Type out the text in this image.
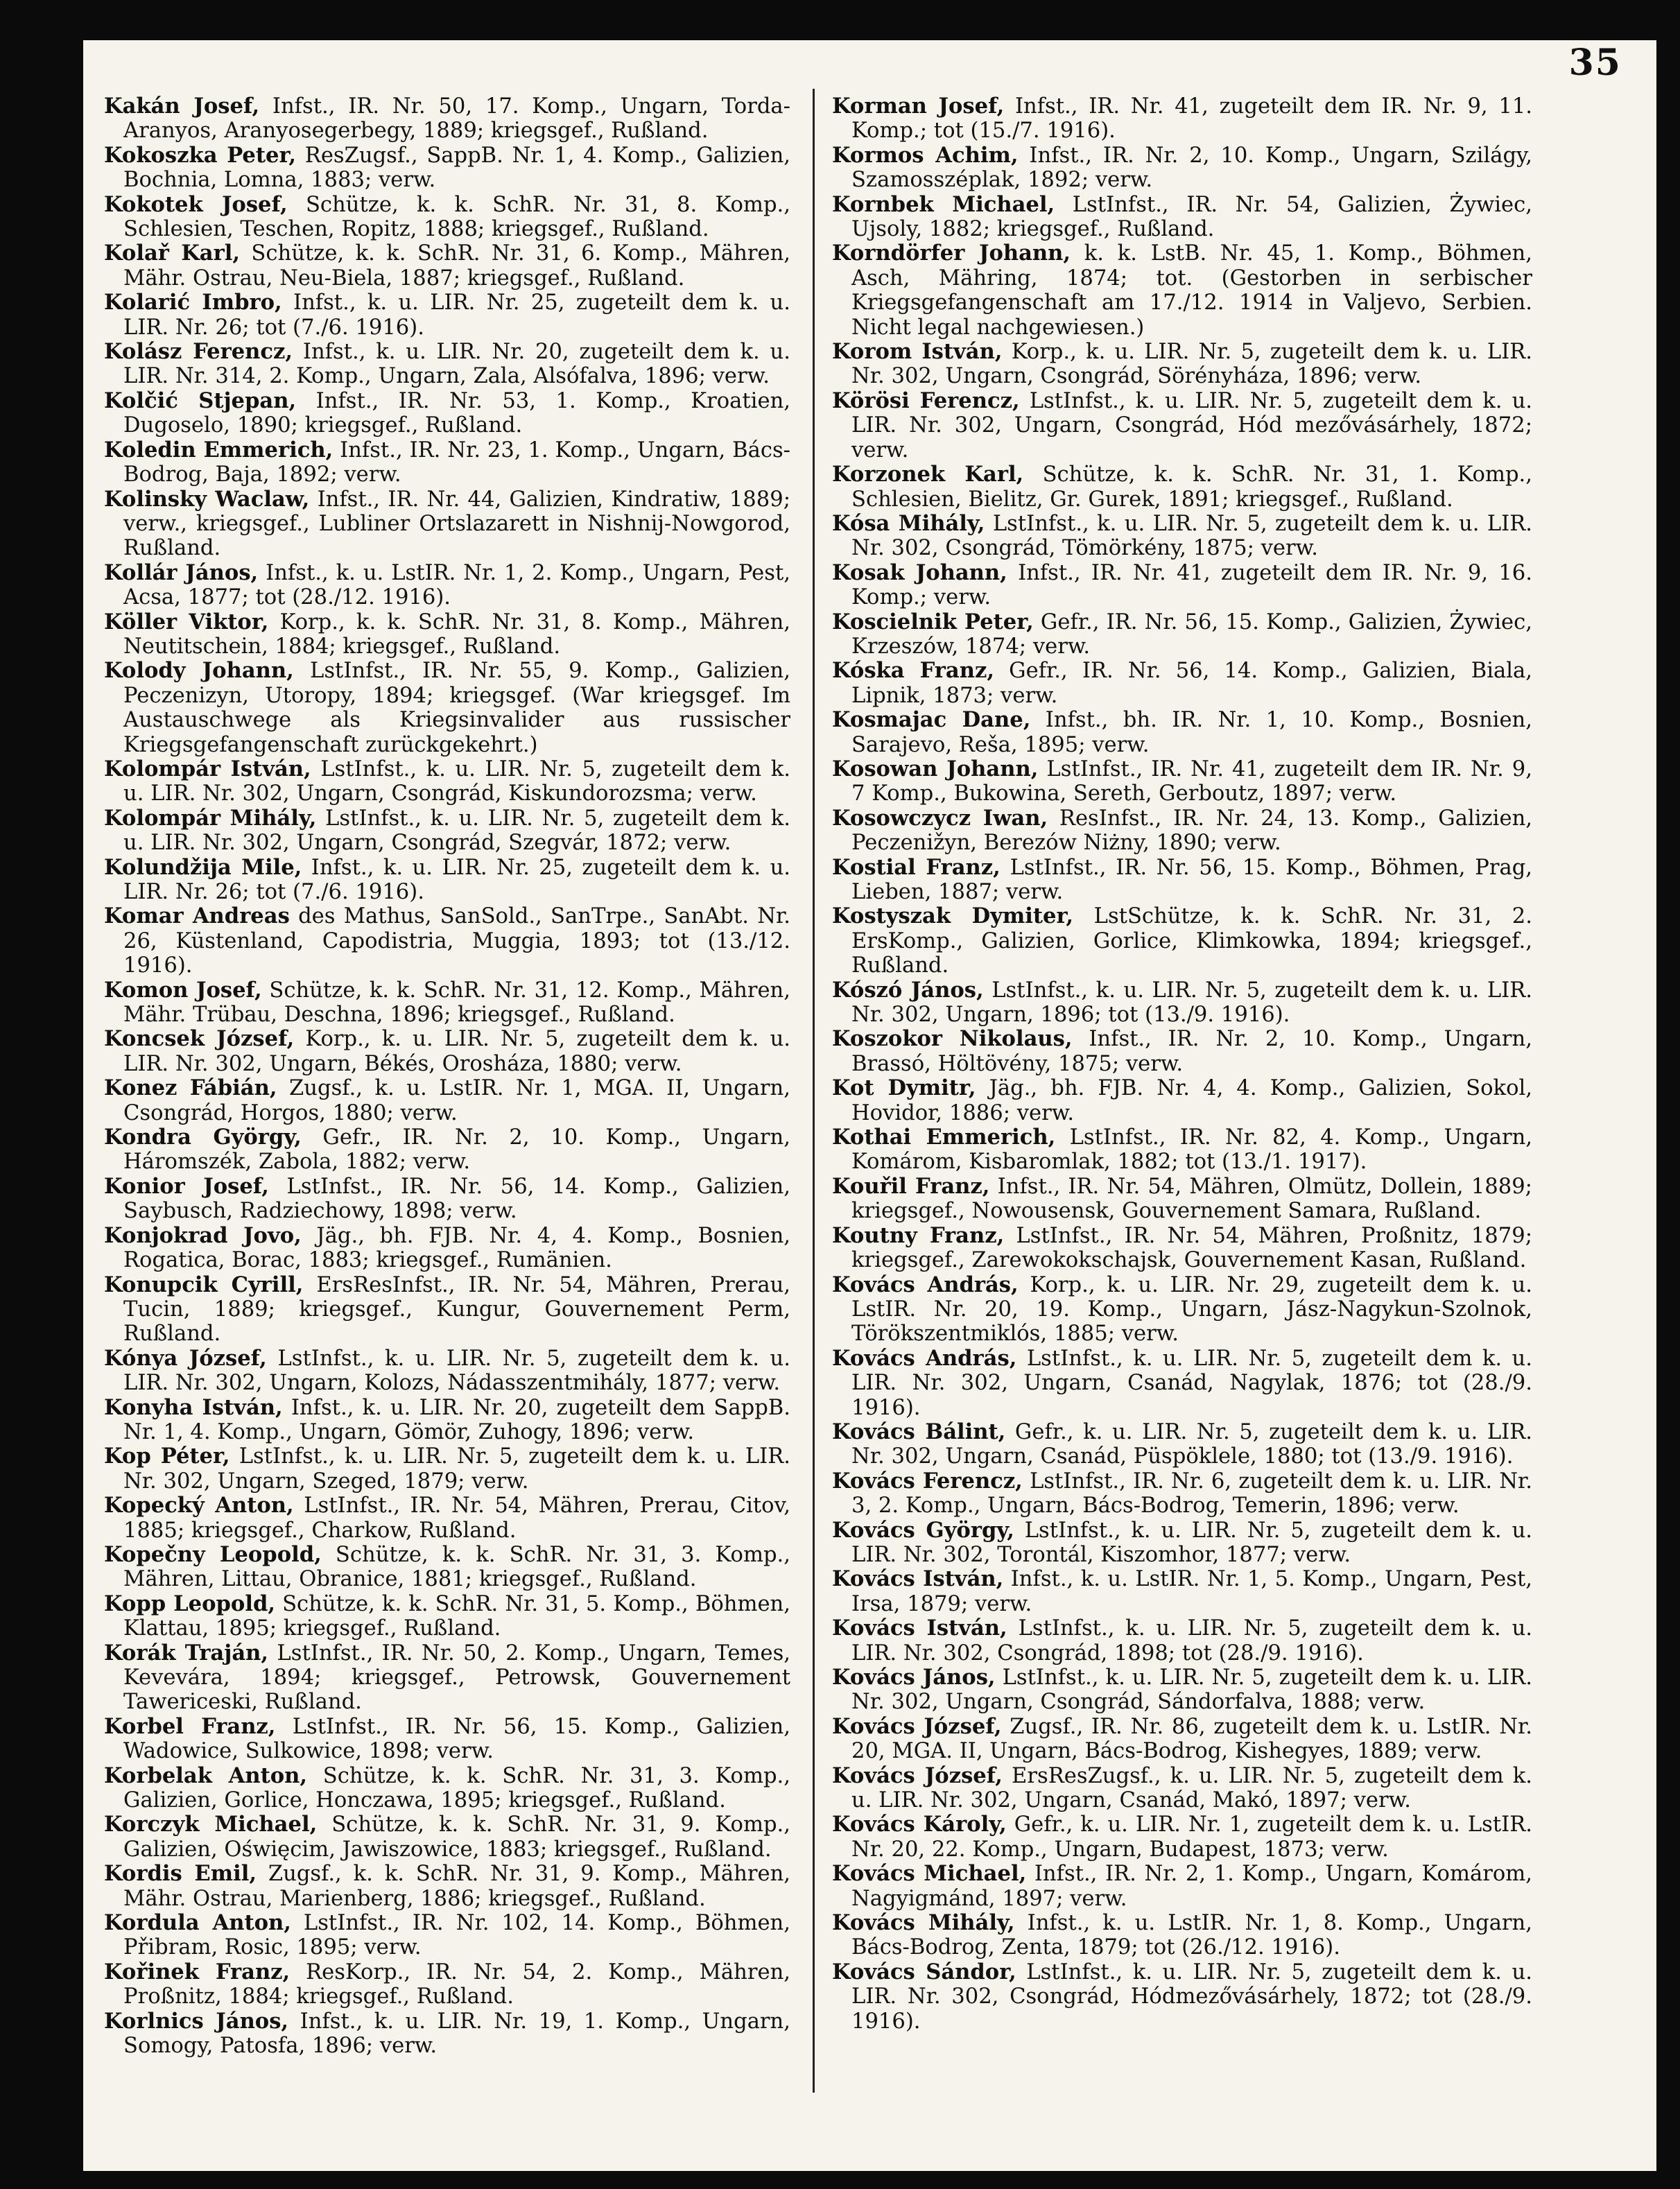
35

Kakán Josef, Infst., IR. Nr. 50, 17. Komp., Ungarn, Torda-Aranyos, Aranyosegerbegy, 1889; kriegsgef., Rußland.

Kokoszka Peter, ResZugsf., SappB. Nr. 1, 4. Komp., Galizien, Bochnia, Lomna, 1883; verw.

Kokotek Josef, Schütze, k. k. SchR. Nr. 31, 8. Komp., Schlesien, Teschen, Ropitz, 1888; kriegsgef., Rußland.

Kolař Karl, Schütze, k. k. SchR. Nr. 31, 6. Komp., Mähren, Mähr. Ostrau, Neu-Biela, 1887; kriegsgef., Rußland.

Kolarić Imbro, Infst., k. u. LIR. Nr. 25, zugeteilt dem k. u. LIR. Nr. 26; tot (7./6. 1916).

Kolász Ferencz, Infst., k. u. LIR. Nr. 20, zugeteilt dem k. u. LIR. Nr. 314, 2. Komp., Ungarn, Zala, Alsófalva, 1896; verw.

Kolčić Stjepan, Infst., IR. Nr. 53, 1. Komp., Kroatien, Dugoselo, 1890; kriegsgef., Rußland.

Koledin Emmerich, Infst., IR. Nr. 23, 1. Komp., Ungarn, Bács-Bodrog, Baja, 1892; verw.

Kolinsky Waclaw, Infst., IR. Nr. 44, Galizien, Kindratiw, 1889; verw., kriegsgef., Lubliner Ortslazarett in Nishnij-Nowgorod, Rußland.

Kollár János, Infst., k. u. LstIR. Nr. 1, 2. Komp., Ungarn, Pest, Acsa, 1877; tot (28./12. 1916).

Köller Viktor, Korp., k. k. SchR. Nr. 31, 8. Komp., Mähren, Neutitschein, 1884; kriegsgef., Rußland.

Kolody Johann, LstInfst., IR. Nr. 55, 9. Komp., Galizien, Peczenizyn, Utoropy, 1894; kriegsgef. (War kriegsgef. Im Austauschwege als Kriegsinvalider aus russischer Kriegsgefangenschaft zurückgekehrt.)

Kolompár István, LstInfst., k. u. LIR. Nr. 5, zugeteilt dem k. u. LIR. Nr. 302, Ungarn, Csongrád, Kiskundorozsma; verw.

Kolompár Mihály, LstInfst., k. u. LIR. Nr. 5, zugeteilt dem k. u. LIR. Nr. 302, Ungarn, Csongrád, Szegvár, 1872; verw.

Kolundžija Mile, Infst., k. u. LIR. Nr. 25, zugeteilt dem k. u. LIR. Nr. 26; tot (7./6. 1916).

Komar Andreas des Mathus, SanSold., SanTrpe., SanAbt. Nr. 26, Küstenland, Capodistria, Muggia, 1893; tot (13./12. 1916).

Komon Josef, Schütze, k. k. SchR. Nr. 31, 12. Komp., Mähren, Mähr. Trübau, Deschna, 1896; kriegsgef., Rußland.

Koncsek József, Korp., k. u. LIR. Nr. 5, zugeteilt dem k. u. LIR. Nr. 302, Ungarn, Békés, Orosháza, 1880; verw.

Konez Fábián, Zugsf., k. u. LstIR. Nr. 1, MGA. II, Ungarn, Csongrád, Horgos, 1880; verw.

Kondra György, Gefr., IR. Nr. 2, 10. Komp., Ungarn, Háromszék, Zabola, 1882; verw.

Konior Josef, LstInfst., IR. Nr. 56, 14. Komp., Galizien, Saybusch, Radziechowy, 1898; verw.

Konjokrad Jovo, Jäg., bh. FJB. Nr. 4, 4. Komp., Bosnien, Rogatica, Borac, 1883; kriegsgef., Rumänien.

Konupcik Cyrill, ErsResInfst., IR. Nr. 54, Mähren, Prerau, Tucin, 1889; kriegsgef., Kungur, Gouvernement Perm, Rußland.

Kónya József, LstInfst., k. u. LIR. Nr. 5, zugeteilt dem k. u. LIR. Nr. 302, Ungarn, Kolozs, Nádasszentmihály, 1877; verw.

Konyha István, Infst., k. u. LIR. Nr. 20, zugeteilt dem SappB. Nr. 1, 4. Komp., Ungarn, Gömör, Zuhogy, 1896; verw.

Kop Péter, LstInfst., k. u. LIR. Nr. 5, zugeteilt dem k. u. LIR. Nr. 302, Ungarn, Szeged, 1879; verw.

Kopecký Anton, LstInfst., IR. Nr. 54, Mähren, Prerau, Citov, 1885; kriegsgef., Charkow, Rußland.

Kopečny Leopold, Schütze, k. k. SchR. Nr. 31, 3. Komp., Mähren, Littau, Obranice, 1881; kriegsgef., Rußland.

Kopp Leopold, Schütze, k. k. SchR. Nr. 31, 5. Komp., Böhmen, Klattau, 1895; kriegsgef., Rußland.

Korák Traján, LstInfst., IR. Nr. 50, 2. Komp., Ungarn, Temes, Kevevára, 1894; kriegsgef., Petrowsk, Gouvernement Tawericeski, Rußland.

Korbel Franz, LstInfst., IR. Nr. 56, 15. Komp., Galizien, Wadowice, Sulkowice, 1898; verw.

Korbelak Anton, Schütze, k. k. SchR. Nr. 31, 3. Komp., Galizien, Gorlice, Honczawa, 1895; kriegsgef., Rußland.

Korczyk Michael, Schütze, k. k. SchR. Nr. 31, 9. Komp., Galizien, Oświęcim, Jawiszowice, 1883; kriegsgef., Rußland.

Kordis Emil, Zugsf., k. k. SchR. Nr. 31, 9. Komp., Mähren, Mähr. Ostrau, Marienberg, 1886; kriegsgef., Rußland.

Kordula Anton, LstInfst., IR. Nr. 102, 14. Komp., Böhmen, Přibram, Rosic, 1895; verw.

Kořinek Franz, ResKorp., IR. Nr. 54, 2. Komp., Mähren, Proßnitz, 1884; kriegsgef., Rußland.

Korlnics János, Infst., k. u. LIR. Nr. 19, 1. Komp., Ungarn, Somogy, Patosfa, 1896; verw.

Korman Josef, Infst., IR. Nr. 41, zugeteilt dem IR. Nr. 9, 11. Komp.; tot (15./7. 1916).

Kormos Achim, Infst., IR. Nr. 2, 10. Komp., Ungarn, Szilágy, Szamosszéplak, 1892; verw.

Kornbek Michael, LstInfst., IR. Nr. 54, Galizien, Żywiec, Ujsoly, 1882; kriegsgef., Rußland.

Korndörfer Johann, k. k. LstB. Nr. 45, 1. Komp., Böhmen, Asch, Mähring, 1874; tot. (Gestorben in serbischer Kriegsgefangenschaft am 17./12. 1914 in Valjevo, Serbien. Nicht legal nachgewiesen.)

Korom István, Korp., k. u. LIR. Nr. 5, zugeteilt dem k. u. LIR. Nr. 302, Ungarn, Csongrád, Sörényháza, 1896; verw.

Körösi Ferencz, LstInfst., k. u. LIR. Nr. 5, zugeteilt dem k. u. LIR. Nr. 302, Ungarn, Csongrád, Hód mezővásárhely, 1872; verw.

Korzonek Karl, Schütze, k. k. SchR. Nr. 31, 1. Komp., Schlesien, Bielitz, Gr. Gurek, 1891; kriegsgef., Rußland.

Kósa Mihály, LstInfst., k. u. LIR. Nr. 5, zugeteilt dem k. u. LIR. Nr. 302, Csongrád, Tömörkény, 1875; verw.

Kosak Johann, Infst., IR. Nr. 41, zugeteilt dem IR. Nr. 9, 16. Komp.; verw.

Koscielnik Peter, Gefr., IR. Nr. 56, 15. Komp., Galizien, Żywiec, Krzeszów, 1874; verw.

Kóska Franz, Gefr., IR. Nr. 56, 14. Komp., Galizien, Biala, Lipnik, 1873; verw.

Kosmajac Dane, Infst., bh. IR. Nr. 1, 10. Komp., Bosnien, Sarajevo, Reša, 1895; verw.

Kosowan Johann, LstInfst., IR. Nr. 41, zugeteilt dem IR. Nr. 9, 7 Komp., Bukowina, Sereth, Gerboutz, 1897; verw.

Kosowczycz Iwan, ResInfst., IR. Nr. 24, 13. Komp., Galizien, Peczenižyn, Berezów Niżny, 1890; verw.

Kostial Franz, LstInfst., IR. Nr. 56, 15. Komp., Böhmen, Prag, Lieben, 1887; verw.

Kostyszak Dymiter, LstSchütze, k. k. SchR. Nr. 31, 2. ErsKomp., Galizien, Gorlice, Klimkowka, 1894; kriegsgef., Rußland.

Kószó János, LstInfst., k. u. LIR. Nr. 5, zugeteilt dem k. u. LIR. Nr. 302, Ungarn, 1896; tot (13./9. 1916).

Koszokor Nikolaus, Infst., IR. Nr. 2, 10. Komp., Ungarn, Brassó, Höltövény, 1875; verw.

Kot Dymitr, Jäg., bh. FJB. Nr. 4, 4. Komp., Galizien, Sokol, Hovidor, 1886; verw.

Kothai Emmerich, LstInfst., IR. Nr. 82, 4. Komp., Ungarn, Komárom, Kisbaromlak, 1882; tot (13./1. 1917).

Kouřil Franz, Infst., IR. Nr. 54, Mähren, Olmütz, Dollein, 1889; kriegsgef., Nowousensk, Gouvernement Samara, Rußland.

Koutny Franz, LstInfst., IR. Nr. 54, Mähren, Proßnitz, 1879; kriegsgef., Zarewokokschajsk, Gouvernement Kasan, Rußland.

Kovács András, Korp., k. u. LIR. Nr. 29, zugeteilt dem k. u. LstIR. Nr. 20, 19. Komp., Ungarn, Jász-Nagykun-Szolnok, Törökszentmiklós, 1885; verw.

Kovács András, LstInfst., k. u. LIR. Nr. 5, zugeteilt dem k. u. LIR. Nr. 302, Ungarn, Csanád, Nagylak, 1876; tot (28./9. 1916).

Kovács Bálint, Gefr., k. u. LIR. Nr. 5, zugeteilt dem k. u. LIR. Nr. 302, Ungarn, Csanád, Püspöklele, 1880; tot (13./9. 1916).

Kovács Ferencz, LstInfst., IR. Nr. 6, zugeteilt dem k. u. LIR. Nr. 3, 2. Komp., Ungarn, Bács-Bodrog, Temerin, 1896; verw.

Kovács György, LstInfst., k. u. LIR. Nr. 5, zugeteilt dem k. u. LIR. Nr. 302, Torontál, Kiszomhor, 1877; verw.

Kovács István, Infst., k. u. LstIR. Nr. 1, 5. Komp., Ungarn, Pest, Irsa, 1879; verw.

Kovács István, LstInfst., k. u. LIR. Nr. 5, zugeteilt dem k. u. LIR. Nr. 302, Csongrád, 1898; tot (28./9. 1916).

Kovács János, LstInfst., k. u. LIR. Nr. 5, zugeteilt dem k. u. LIR. Nr. 302, Ungarn, Csongrád, Sándorfalva, 1888; verw.

Kovács József, Zugsf., IR. Nr. 86, zugeteilt dem k. u. LstIR. Nr. 20, MGA. II, Ungarn, Bács-Bodrog, Kishegyes, 1889; verw.

Kovács József, ErsResZugsf., k. u. LIR. Nr. 5, zugeteilt dem k. u. LIR. Nr. 302, Ungarn, Csanád, Makó, 1897; verw.

Kovács Károly, Gefr., k. u. LIR. Nr. 1, zugeteilt dem k. u. LstIR. Nr. 20, 22. Komp., Ungarn, Budapest, 1873; verw.

Kovács Michael, Infst., IR. Nr. 2, 1. Komp., Ungarn, Komárom, Nagyigmánd, 1897; verw.

Kovács Mihály, Infst., k. u. LstIR. Nr. 1, 8. Komp., Ungarn, Bács-Bodrog, Zenta, 1879; tot (26./12. 1916).

Kovács Sándor, LstInfst., k. u. LIR. Nr. 5, zugeteilt dem k. u. LIR. Nr. 302, Csongrád, Hódmezővásárhely, 1872; tot (28./9. 1916).
